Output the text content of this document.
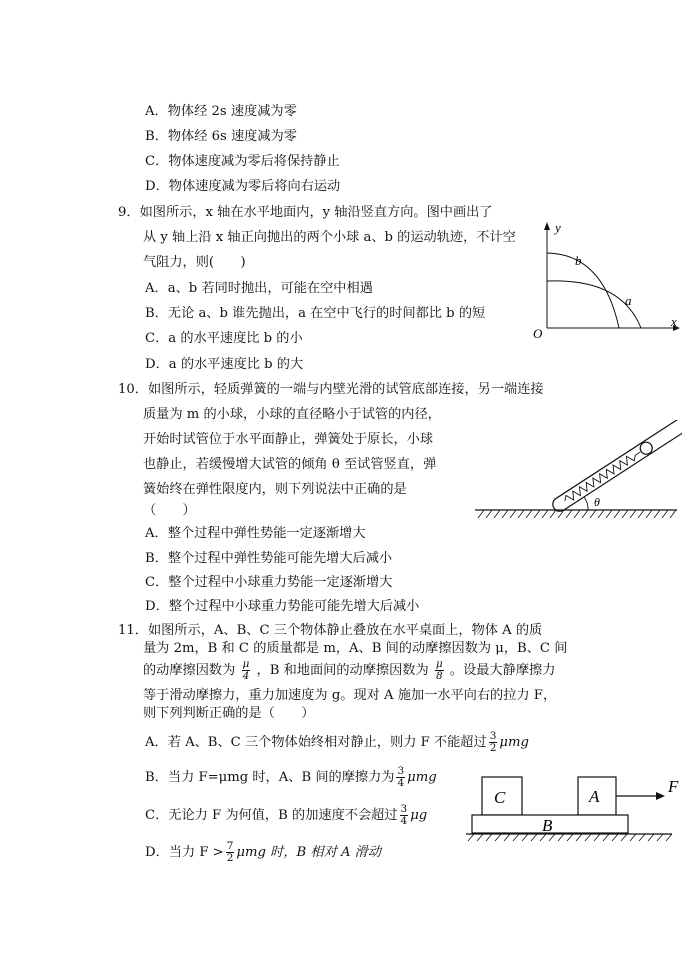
A．物体经 2s 速度减为零
B．物体经 6s 速度减为零
C．物体速度减为零后将保持静止
D．物体速度减为零后将向右运动
9．如图所示，x 轴在水平地面内，y 轴沿竖直方向。图中画出了
从 y 轴上沿 x 轴正向抛出的两个小球 a、b 的运动轨迹，不计空
气阻力，则(　　)
A．a、b 若同时抛出，可能在空中相遇
B．无论 a、b 谁先抛出，a 在空中飞行的时间都比 b 的短
C．a 的水平速度比 b 的小
D．a 的水平速度比 b 的大
y
x
O
b
a
10．如图所示，轻质弹簧的一端与内壁光滑的试管底部连接，另一端连接
质量为 m 的小球，小球的直径略小于试管的内径，
开始时试管位于水平面静止，弹簧处于原长，小球
也静止，若缓慢增大试管的倾角 θ 至试管竖直，弹
簧始终在弹性限度内，则下列说法中正确的是
（　　）
A．整个过程中弹性势能一定逐渐增大
B．整个过程中弹性势能可能先增大后减小
C．整个过程中小球重力势能一定逐渐增大
D．整个过程中小球重力势能可能先增大后减小
θ
11．如图所示，A、B、C 三个物体静止叠放在水平桌面上，物体 A 的质
量为 2m，B 和 C 的质量都是 m，A、B 间的动摩擦因数为 μ，B、C 间
的动摩擦因数为 $\frac{\mu}{4}$ ，B 和地面间的动摩擦因数为 $\frac{\mu}{8}$ 。设最大静摩擦力
等于滑动摩擦力，重力加速度为 g。现对 A 施加一水平向右的拉力 F，
则下列判断正确的是（　　）
A．若 A、B、C 三个物体始终相对静止，则力 F 不能超过 $\frac{3}{2}$ μmg
B．当力 F=μmg 时，A、B 间的摩擦力为 $\frac{3}{4}$ μmg
C．无论力 F 为何值，B 的加速度不会超过 $\frac{3}{4}$ μg
D．当力 $F > \frac{7}{2}$ μmg 时，B 相对 A 滑动
C	A
B
F
